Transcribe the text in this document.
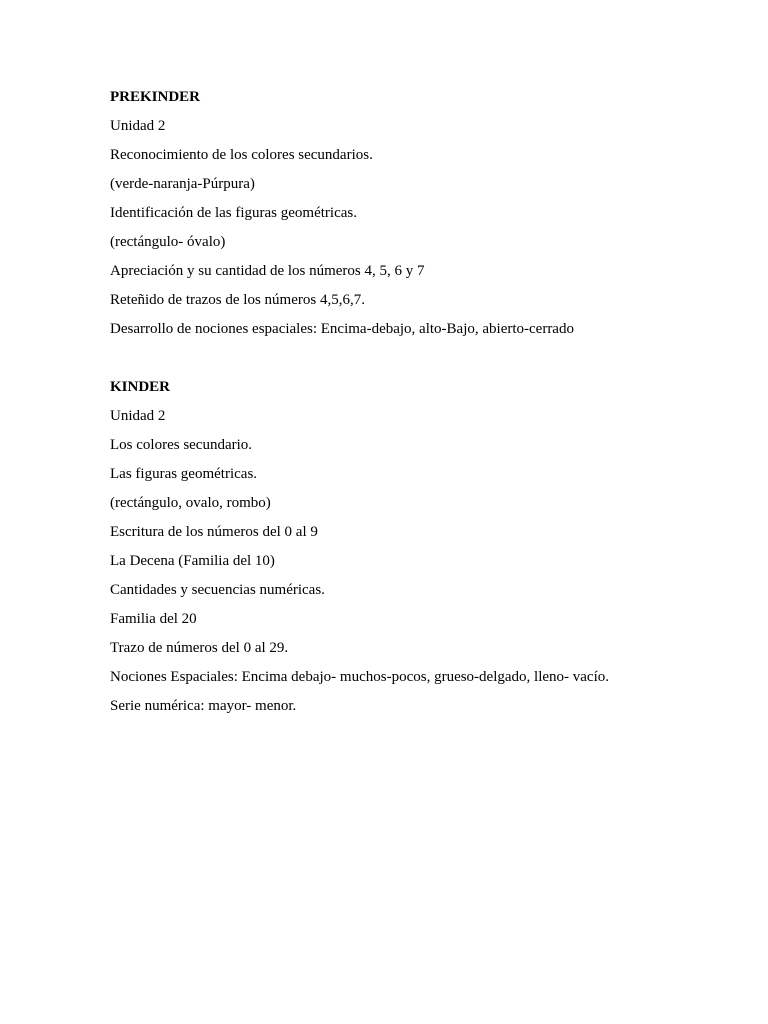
PREKINDER
Unidad 2
Reconocimiento de los colores secundarios.
(verde-naranja-Púrpura)
Identificación de las figuras geométricas.
(rectángulo- óvalo)
Apreciación y su cantidad de los números 4, 5, 6 y 7
Reteñido de trazos de los números 4,5,6,7.
Desarrollo de nociones espaciales: Encima-debajo, alto-Bajo, abierto-cerrado
KINDER
Unidad 2
Los colores secundario.
Las figuras geométricas.
(rectángulo, ovalo, rombo)
Escritura de los números del 0 al 9
La Decena (Familia del 10)
Cantidades y secuencias numéricas.
Familia del 20
Trazo de números del 0 al 29.
Nociones Espaciales: Encima debajo- muchos-pocos, grueso-delgado, lleno- vacío.
Serie numérica: mayor- menor.
